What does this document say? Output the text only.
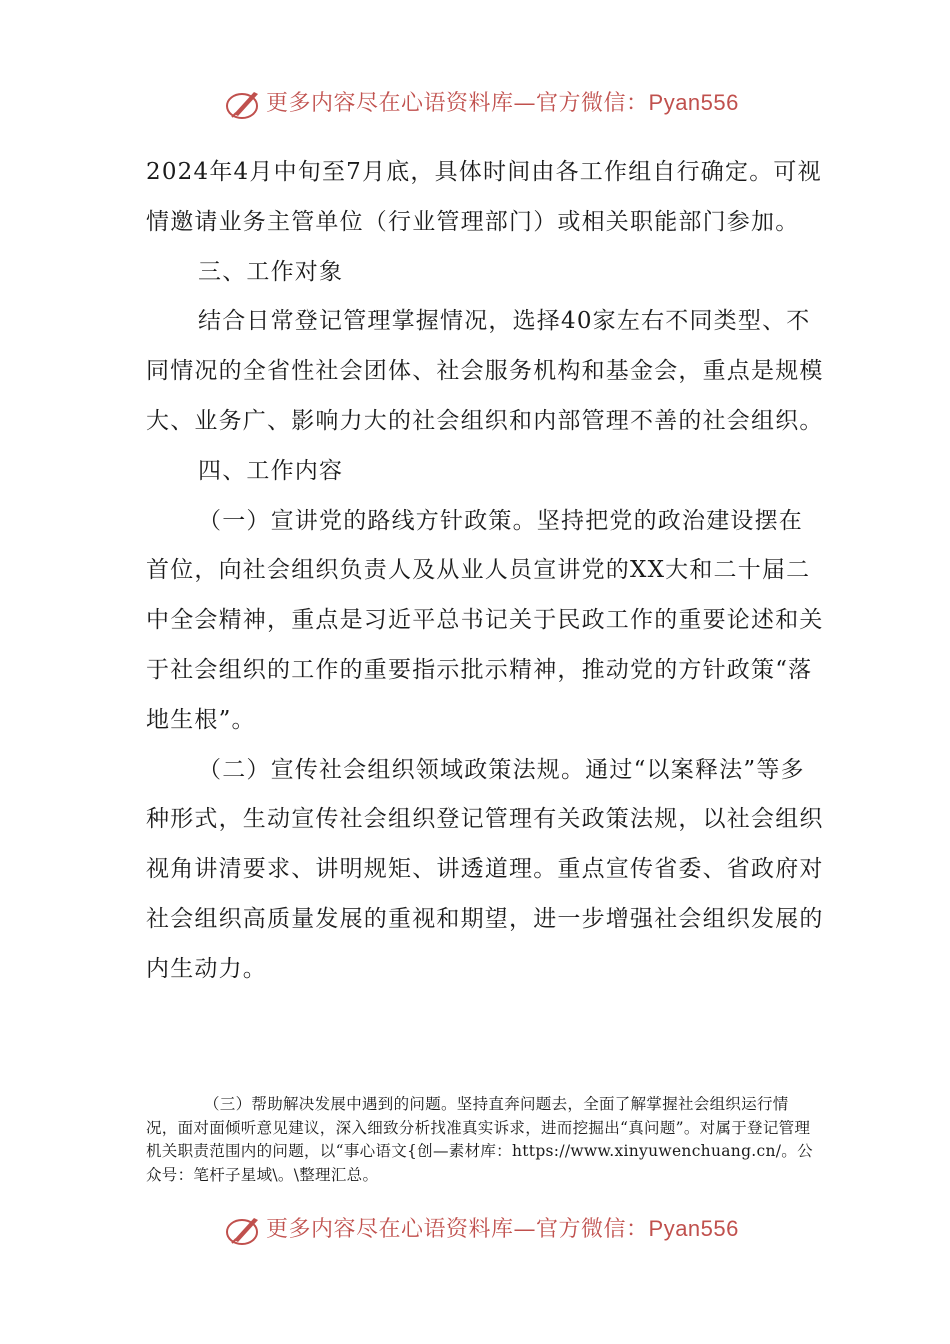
更多内容尽在心语资料库—官方微信：Pyan556

2024年4月中旬至7月底，具体时间由各工作组自行确定。可视情邀请业务主管单位（行业管理部门）或相关职能部门参加。

三、工作对象

结合日常登记管理掌握情况，选择40家左右不同类型、不同情况的全省性社会团体、社会服务机构和基金会，重点是规模大、业务广、影响力大的社会组织和内部管理不善的社会组织。

四、工作内容

（一）宣讲党的路线方针政策。坚持把党的政治建设摆在首位，向社会组织负责人及从业人员宣讲党的XX大和二十届二中全会精神，重点是习近平总书记关于民政工作的重要论述和关于社会组织的工作的重要指示批示精神，推动党的方针政策“落地生根”。

（二）宣传社会组织领域政策法规。通过“以案释法”等多种形式，生动宣传社会组织登记管理有关政策法规，以社会组织视角讲清要求、讲明规矩、讲透道理。重点宣传省委、省政府对社会组织高质量发展的重视和期望，进一步增强社会组织发展的内生动力。

（三）帮助解决发展中遇到的问题。坚持直奔问题去，全面了解掌握社会组织运行情况，面对面倾听意见建议，深入细致分析找准真实诉求，进而挖掘出“真问题”。对属于登记管理机关职责范围内的问题，以“事心语文{创—素材库：https://www.xinyuwenchuang.cn/。公众号：笔杆子星域\。\整理汇总。

更多内容尽在心语资料库—官方微信：Pyan556
